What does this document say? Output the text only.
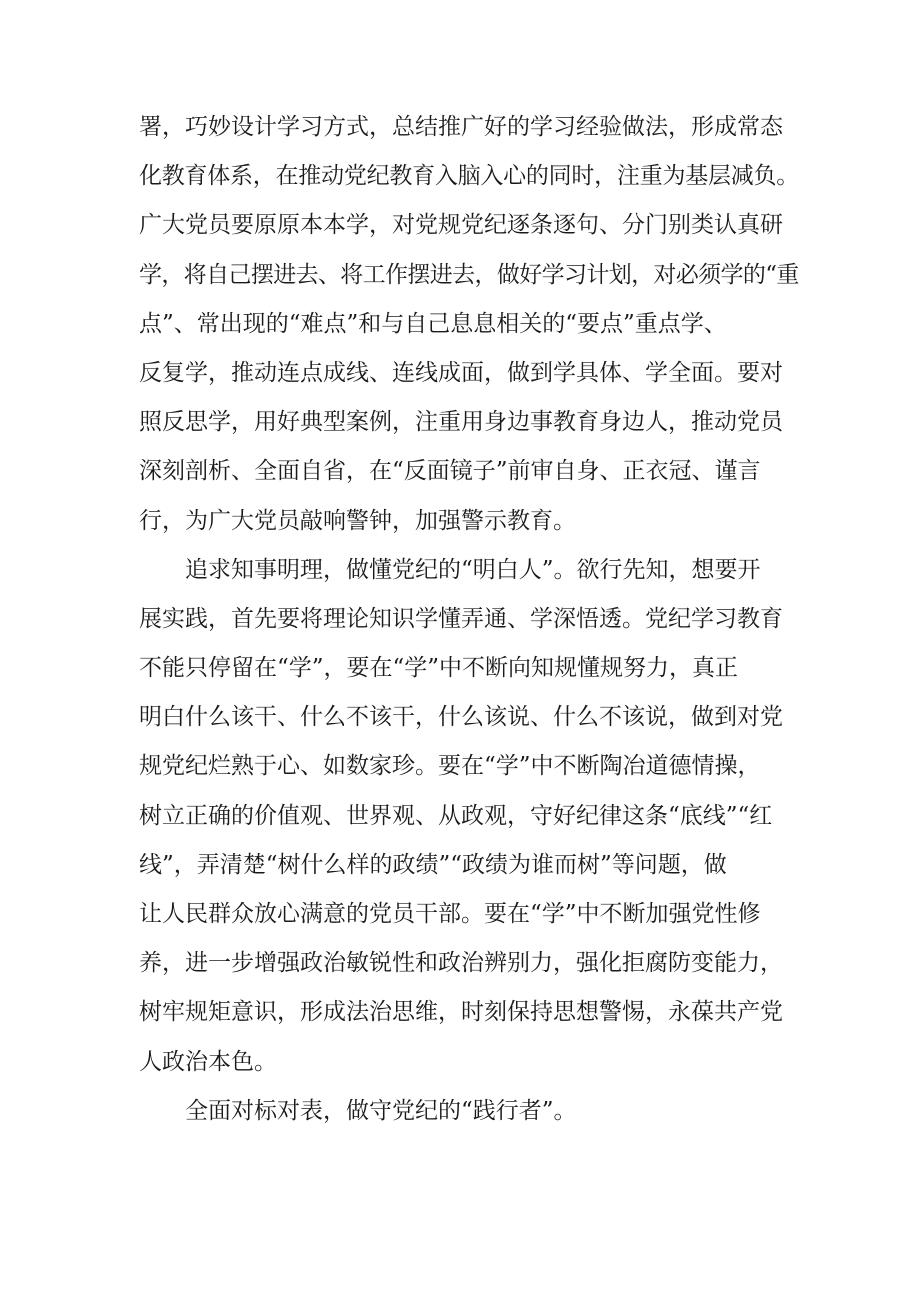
署，巧妙设计学习方式，总结推广好的学习经验做法，形成常态
化教育体系，在推动党纪教育入脑入心的同时，注重为基层减负。
广大党员要原原本本学，对党规党纪逐条逐句、分门别类认真研
学，将自己摆进去、将工作摆进去，做好学习计划，对必须学的“重
点”、常出现的“难点”和与自己息息相关的“要点”重点学、
反复学，推动连点成线、连线成面，做到学具体、学全面。要对
照反思学，用好典型案例，注重用身边事教育身边人，推动党员
深刻剖析、全面自省，在“反面镜子”前审自身、正衣冠、谨言
行，为广大党员敲响警钟，加强警示教育。
追求知事明理，做懂党纪的“明白人”。欲行先知，想要开
展实践，首先要将理论知识学懂弄通、学深悟透。党纪学习教育
不能只停留在“学”，要在“学”中不断向知规懂规努力，真正
明白什么该干、什么不该干，什么该说、什么不该说，做到对党
规党纪烂熟于心、如数家珍。要在“学”中不断陶冶道德情操，
树立正确的价值观、世界观、从政观，守好纪律这条“底线”“红
线”，弄清楚“树什么样的政绩”“政绩为谁而树”等问题，做
让人民群众放心满意的党员干部。要在“学”中不断加强党性修
养，进一步增强政治敏锐性和政治辨别力，强化拒腐防变能力，
树牢规矩意识，形成法治思维，时刻保持思想警惕，永葆共产党
人政治本色。
全面对标对表，做守党纪的“践行者”。
